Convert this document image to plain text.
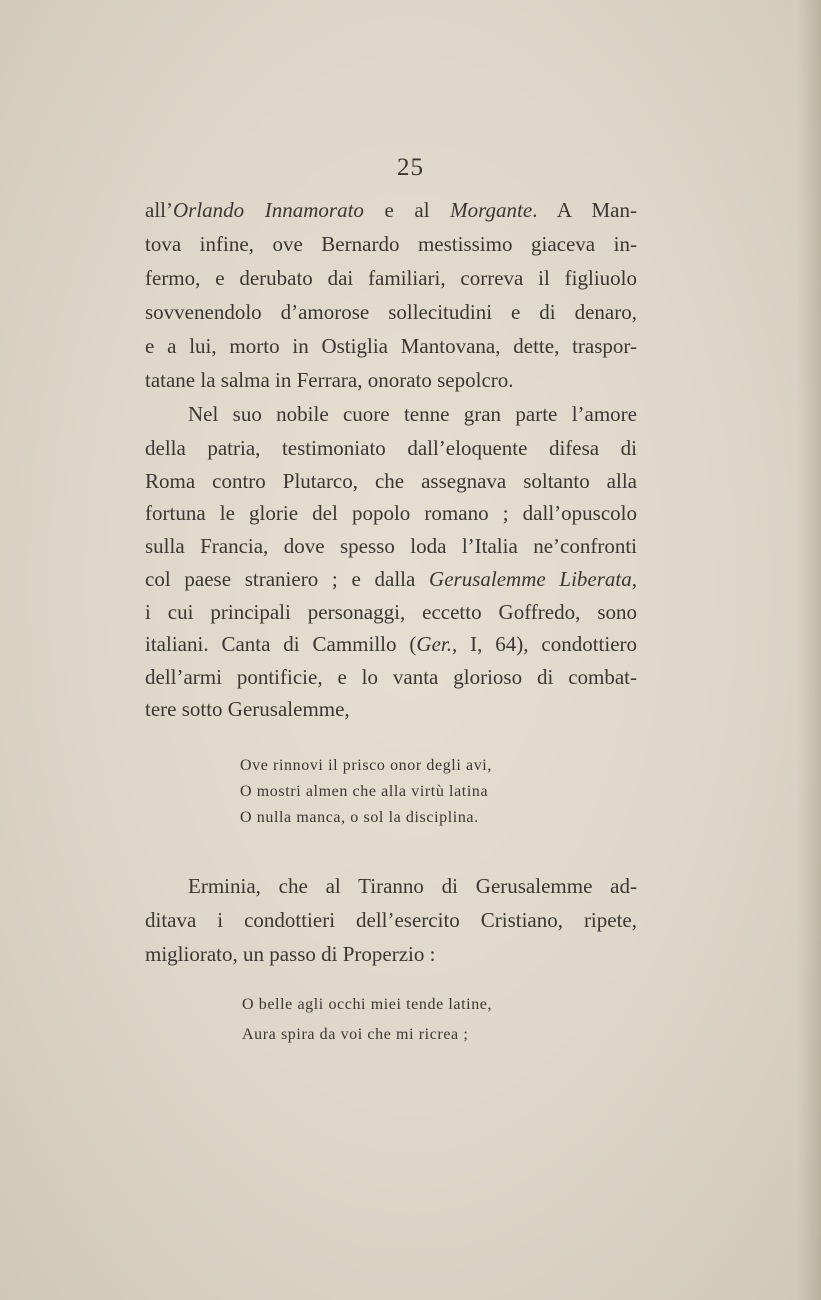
25
all’Orlando Innamorato e al Morgante. A Man-
tova infine, ove Bernardo mestissimo giaceva in-
fermo, e derubato dai familiari, correva il figliuolo
sovvenendolo d’amorose sollecitudini e di denaro,
e a lui, morto in Ostiglia Mantovana, dette, traspor-
tatane la salma in Ferrara, onorato sepolcro.
Nel suo nobile cuore tenne gran parte l’amore
della patria, testimoniato dall’eloquente difesa di
Roma contro Plutarco, che assegnava soltanto alla
fortuna le glorie del popolo romano ; dall’opuscolo
sulla Francia, dove spesso loda l’Italia ne’confronti
col paese straniero ; e dalla Gerusalemme Liberata,
i cui principali personaggi, eccetto Goffredo, sono
italiani. Canta di Cammillo (Ger., I, 64), condottiero
dell’armi pontificie, e lo vanta glorioso di combat-
tere sotto Gerusalemme,
Ove rinnovi il prisco onor degli avi,
O mostri almen che alla virtù latina
O nulla manca, o sol la disciplina.
Erminia, che al Tiranno di Gerusalemme ad-
ditava i condottieri dell’esercito Cristiano, ripete,
migliorato, un passo di Properzio :
O belle agli occhi miei tende latine,
Aura spira da voi che mi ricrea ;
